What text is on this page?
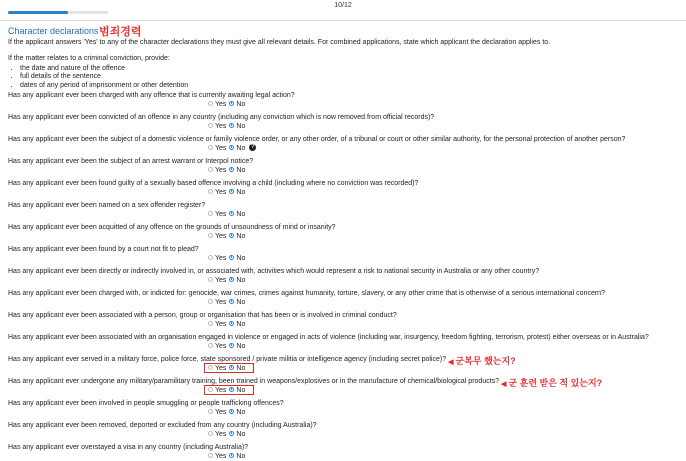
10/12
Character declarations 범죄경력

If the applicant answers 'Yes' to any of the character declarations they must give all relevant details. For combined applications, state which applicant the declaration applies to.

If the matter relates to a criminal conviction, provide:

• the date and nature of the offence
• full details of the sentence
• dates of any period of imprisonment or other detention
Has any applicant ever been charged with any offence that is currently awaiting legal action?
Yes No
Has any applicant ever been convicted of an offence in any country (including any conviction which is now removed from official records)?
Yes No
Has any applicant ever been the subject of a domestic violence or family violence order, or any other order, of a tribunal or court or other similar authority, for the personal protection of another person?
Yes No ?
Has any applicant ever been the subject of an arrest warrant or Interpol notice?
Yes No
Has any applicant ever been found guilty of a sexually based offence involving a child (including where no conviction was recorded)?
Yes No
Has any applicant ever been named on a sex offender register?
Yes No
Has any applicant ever been acquitted of any offence on the grounds of unsoundness of mind or insanity?
Yes No
Has any applicant ever been found by a court not fit to plead?
Yes No
Has any applicant ever been directly or indirectly involved in, or associated with, activities which would represent a risk to national security in Australia or any other country?
Yes No
Has any applicant ever been charged with, or indicted for: genocide, war crimes, crimes against humanity, torture, slavery, or any other crime that is otherwise of a serious international concern?
Yes No
Has any applicant ever been associated with a person, group or organisation that has been or is involved in criminal conduct?
Yes No
Has any applicant ever been associated with an organisation engaged in violence or engaged in acts of violence (including war, insurgency, freedom fighting, terrorism, protest) either overseas or in Australia?
Yes No
Has any applicant ever served in a military force, police force, state sponsored / private militia or intelligence agency (including secret police)? ◀ 군복무 했는지?
Yes No
Has any applicant ever undergone any military/paramilitary training, been trained in weapons/explosives or in the manufacture of chemical/biological products? ◀ 군 훈련 받은 적 있는지?
Yes No
Has any applicant ever been involved in people smuggling or people trafficking offences?
Yes No
Has any applicant ever been removed, deported or excluded from any country (including Australia)?
Yes No
Has any applicant ever overstayed a visa in any country (including Australia)?
Yes No
